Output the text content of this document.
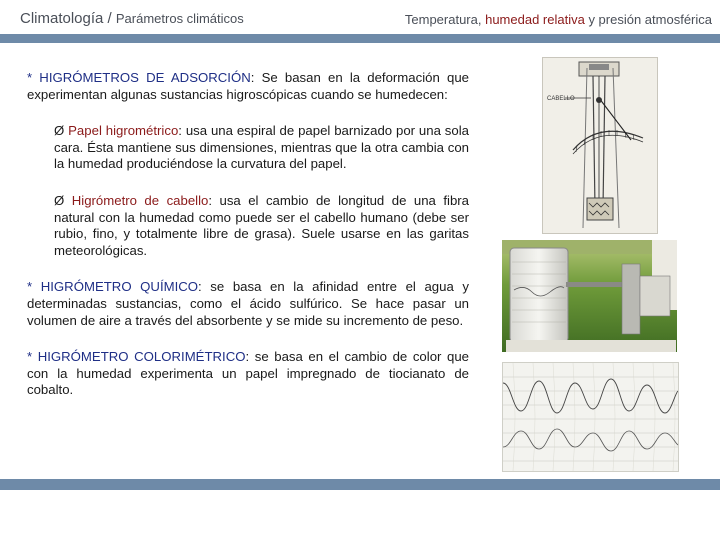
Climatología / Parámetros climáticos	Temperatura, humedad relativa y presión atmosférica

* HIGRÓMETROS DE ADSORCIÓN: Se basan en la deformación que experimentan algunas sustancias higroscópicas cuando se humedecen:

Ø Papel higrométrico: usa una espiral de papel barnizado por una sola cara. Ésta mantiene sus dimensiones, mientras que la otra cambia con la humedad produciéndose la curvatura del papel.

Ø Higrómetro de cabello: usa el cambio de longitud de una fibra natural con la humedad como puede ser el cabello humano (debe ser rubio, fino, y totalmente libre de grasa). Suele usarse en las garitas meteorológicas.

* HIGRÓMETRO QUÍMICO: se basa en la afinidad entre el agua y determinadas sustancias, como el ácido sulfúrico. Se hace pasar un volumen de aire a través del absorbente y se mide su incremento de peso.

* HIGRÓMETRO COLORIMÉTRICO: se basa en el cambio de color que con la humedad experimenta un papel impregnado de tiocianato de cobalto.

CABELLO
